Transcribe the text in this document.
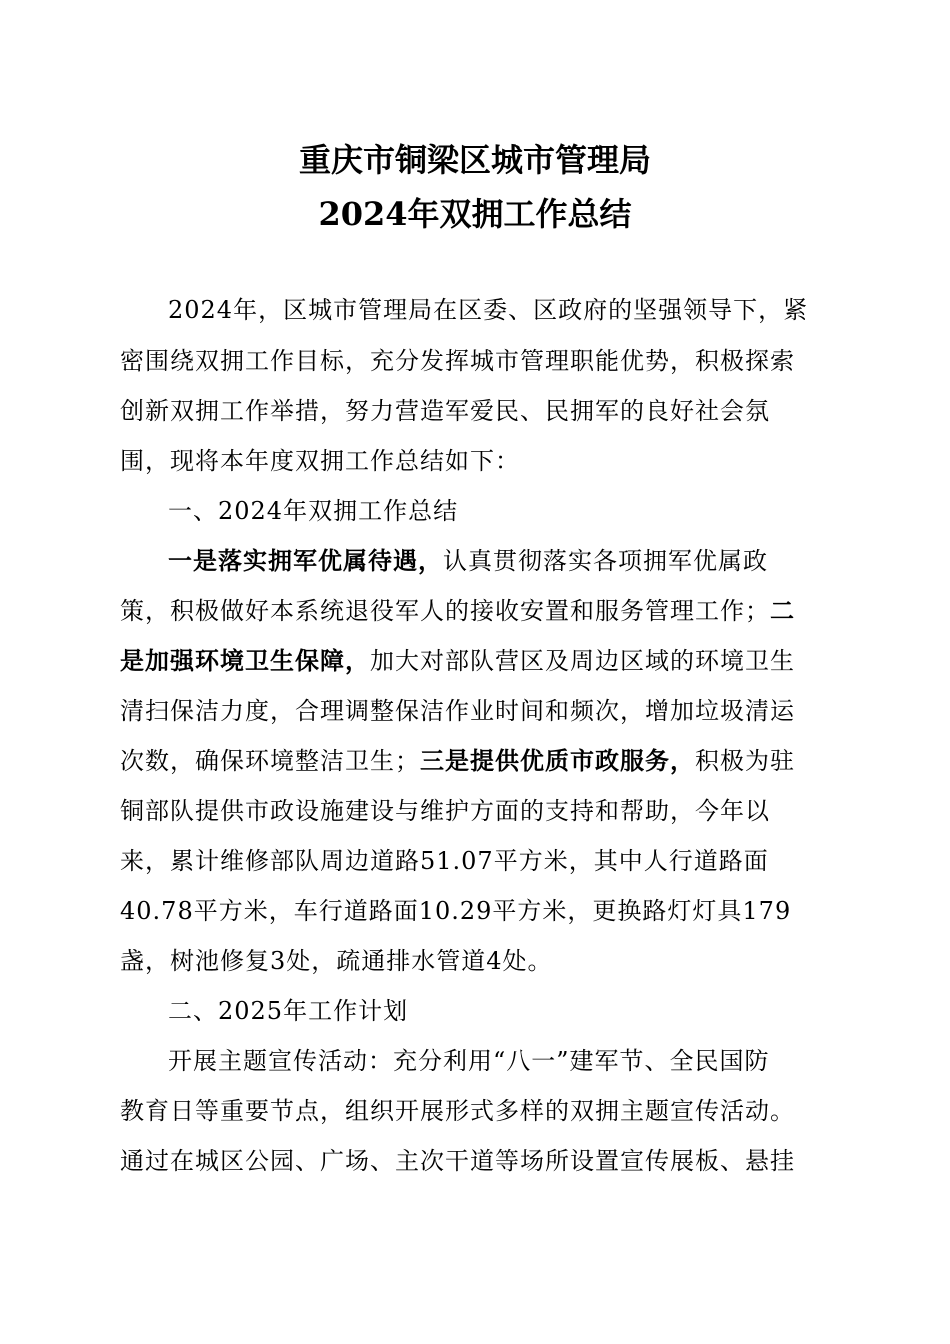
重庆市铜梁区城市管理局
2024年双拥工作总结

2024年，区城市管理局在区委、区政府的坚强领导下，紧

密围绕双拥工作目标，充分发挥城市管理职能优势，积极探索

创新双拥工作举措，努力营造军爱民、民拥军的良好社会氛

围，现将本年度双拥工作总结如下：

一、2024年双拥工作总结

一是落实拥军优属待遇，认真贯彻落实各项拥军优属政

策，积极做好本系统退役军人的接收安置和服务管理工作；二

是加强环境卫生保障，加大对部队营区及周边区域的环境卫生

清扫保洁力度，合理调整保洁作业时间和频次，增加垃圾清运

次数，确保环境整洁卫生；三是提供优质市政服务，积极为驻

铜部队提供市政设施建设与维护方面的支持和帮助，今年以

来，累计维修部队周边道路51.07平方米，其中人行道路面

40.78平方米，车行道路面10.29平方米，更换路灯灯具179

盏，树池修复3处，疏通排水管道4处。

二、2025年工作计划

开展主题宣传活动：充分利用“八一”建军节、全民国防

教育日等重要节点，组织开展形式多样的双拥主题宣传活动。

通过在城区公园、广场、主次干道等场所设置宣传展板、悬挂
